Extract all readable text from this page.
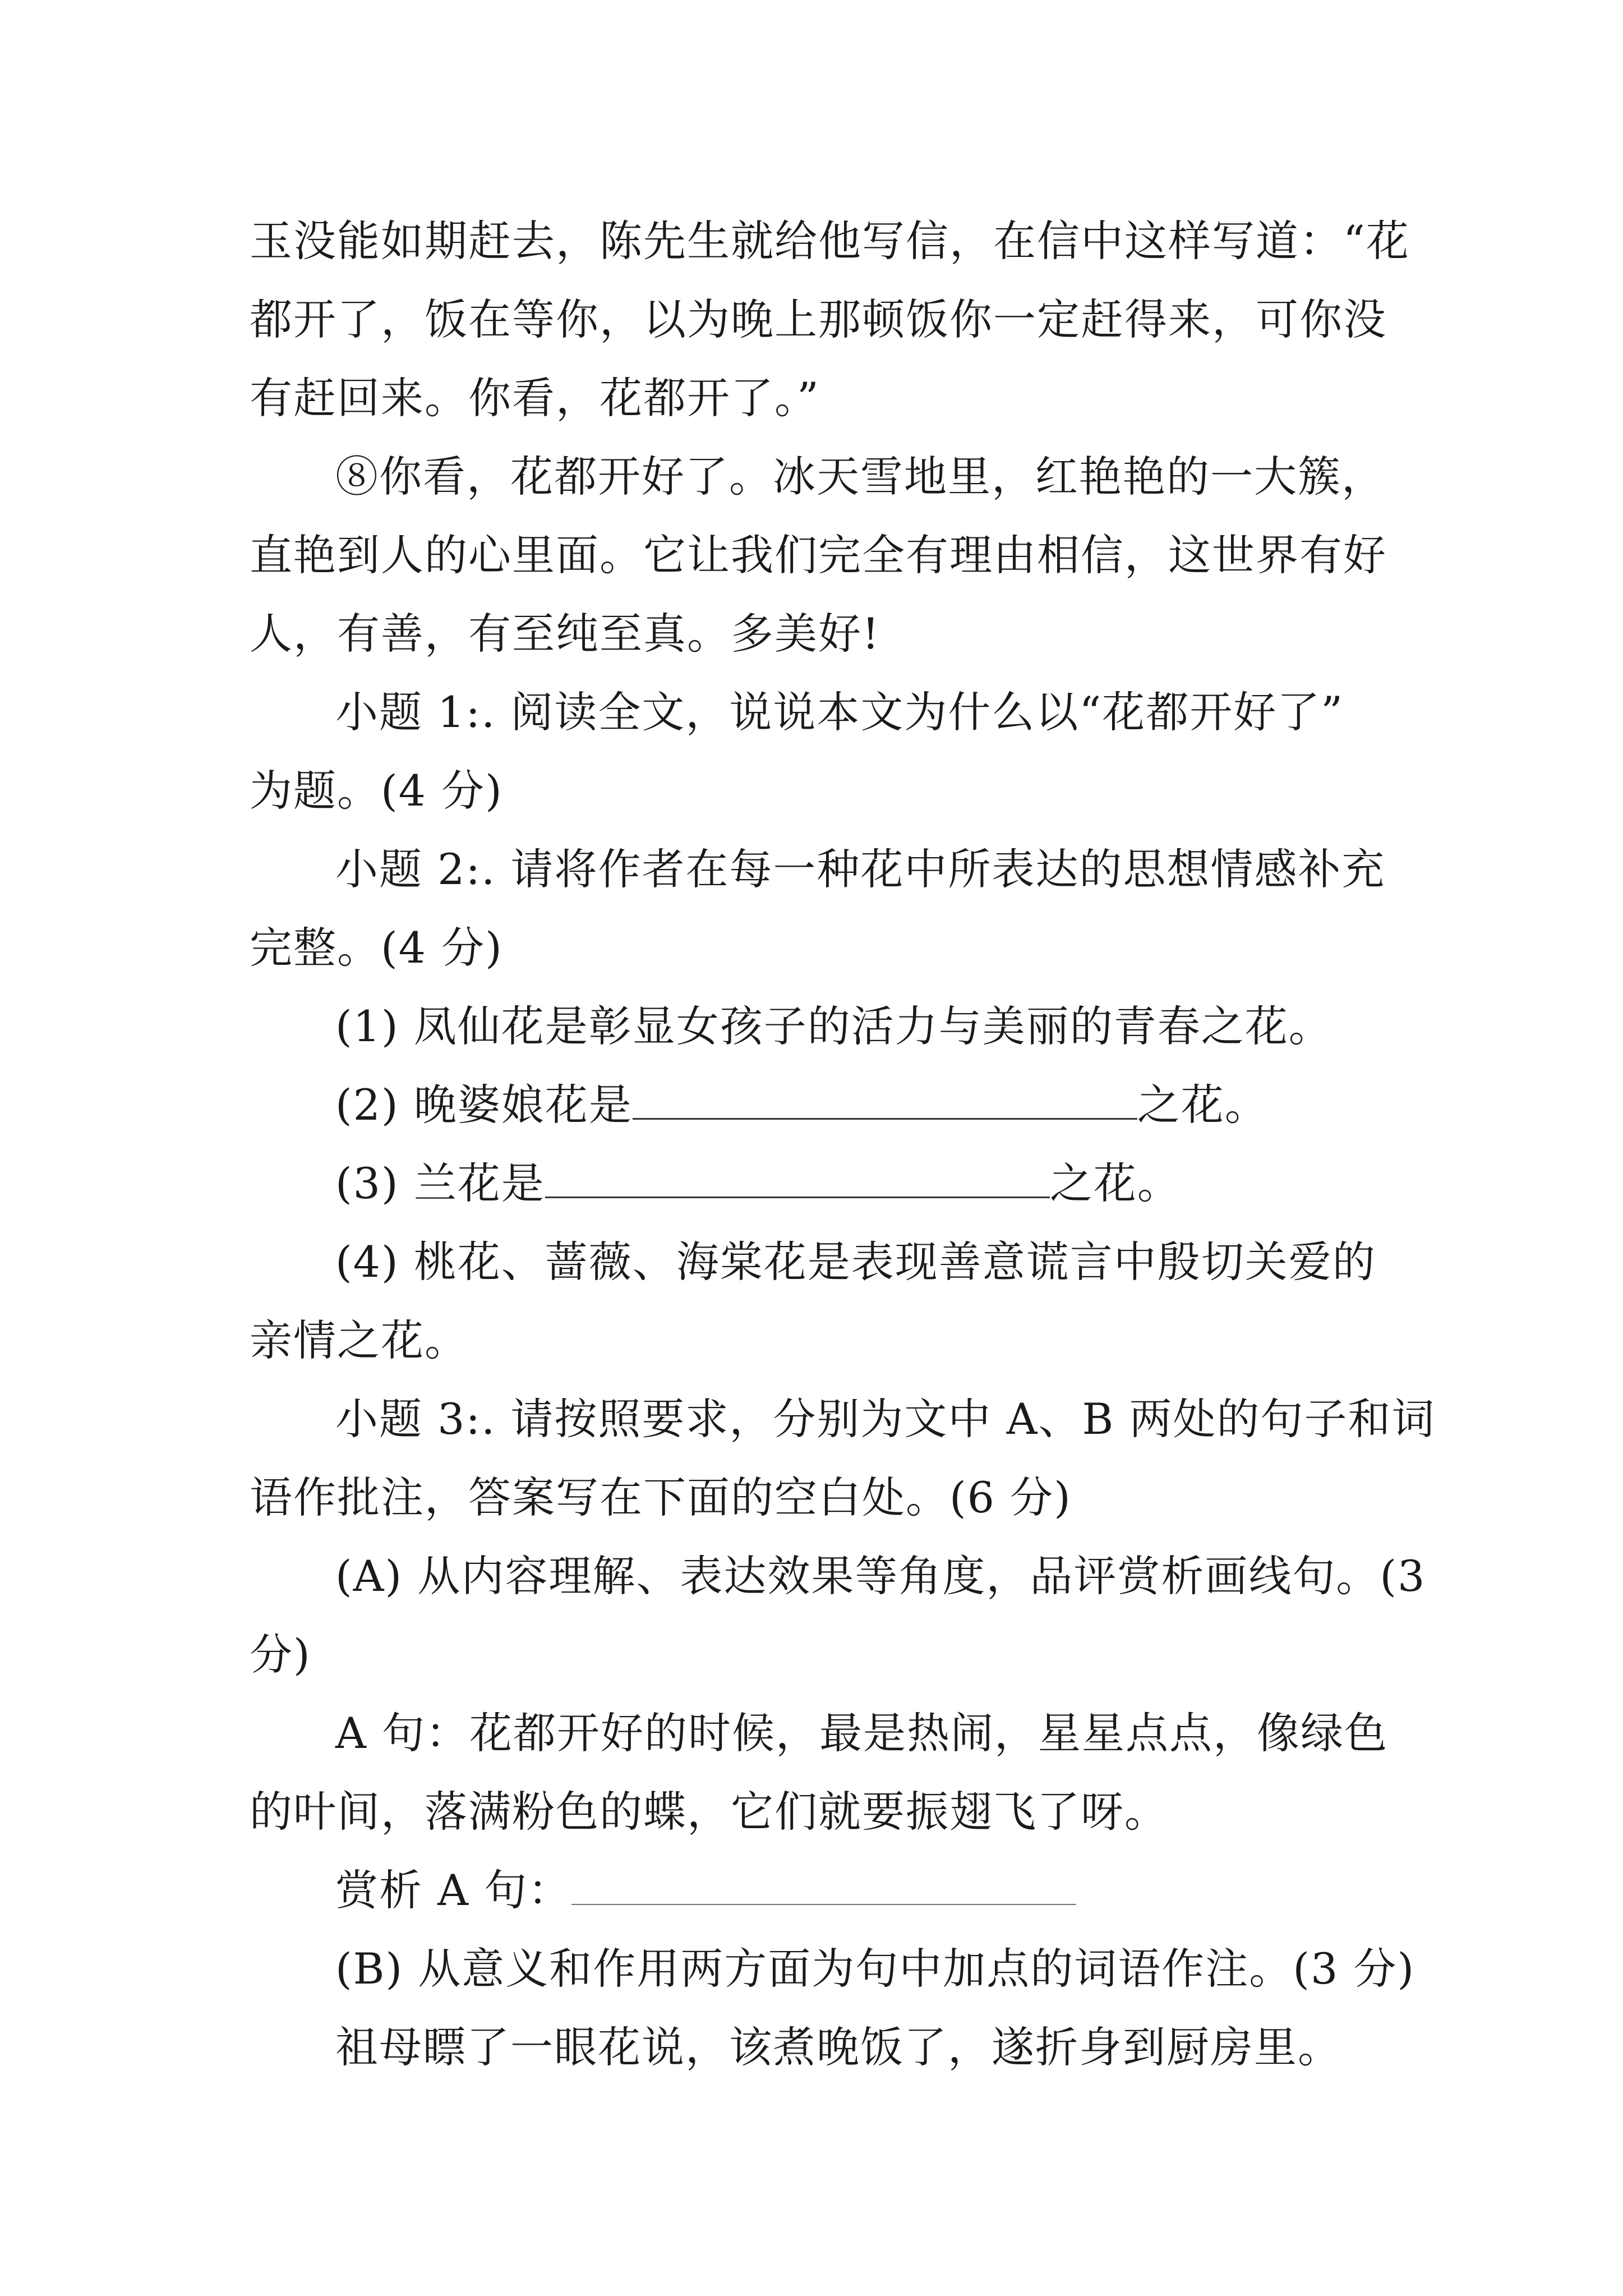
玉没能如期赶去，陈先生就给他写信，在信中这样写道：“花
都开了，饭在等你，以为晚上那顿饭你一定赶得来，可你没
有赶回来。你看，花都开了。”
⑧你看，花都开好了。冰天雪地里，红艳艳的一大簇，
直艳到人的心里面。它让我们完全有理由相信，这世界有好
人，有善，有至纯至真。多美好!
小题 1:. 阅读全文，说说本文为什么以“花都开好了”
为题。(4 分)
小题 2:. 请将作者在每一种花中所表达的思想情感补充
完整。(4 分)
(1) 凤仙花是彰显女孩子的活力与美丽的青春之花。
(2) 晚婆娘花是	之花。
(3) 兰花是	之花。
(4) 桃花、蔷薇、海棠花是表现善意谎言中殷切关爱的
亲情之花。
小题 3:. 请按照要求，分别为文中 A、B 两处的句子和词
语作批注，答案写在下面的空白处。(6 分)
(A) 从内容理解、表达效果等角度，品评赏析画线句。(3
分)
A 句：花都开好的时候，最是热闹，星星点点，像绿色
的叶间，落满粉色的蝶，它们就要振翅飞了呀。
赏析 A 句：
(B) 从意义和作用两方面为句中加点的词语作注。(3 分)
祖母瞟了一眼花说，该煮晚饭了，遂折身到厨房里。
